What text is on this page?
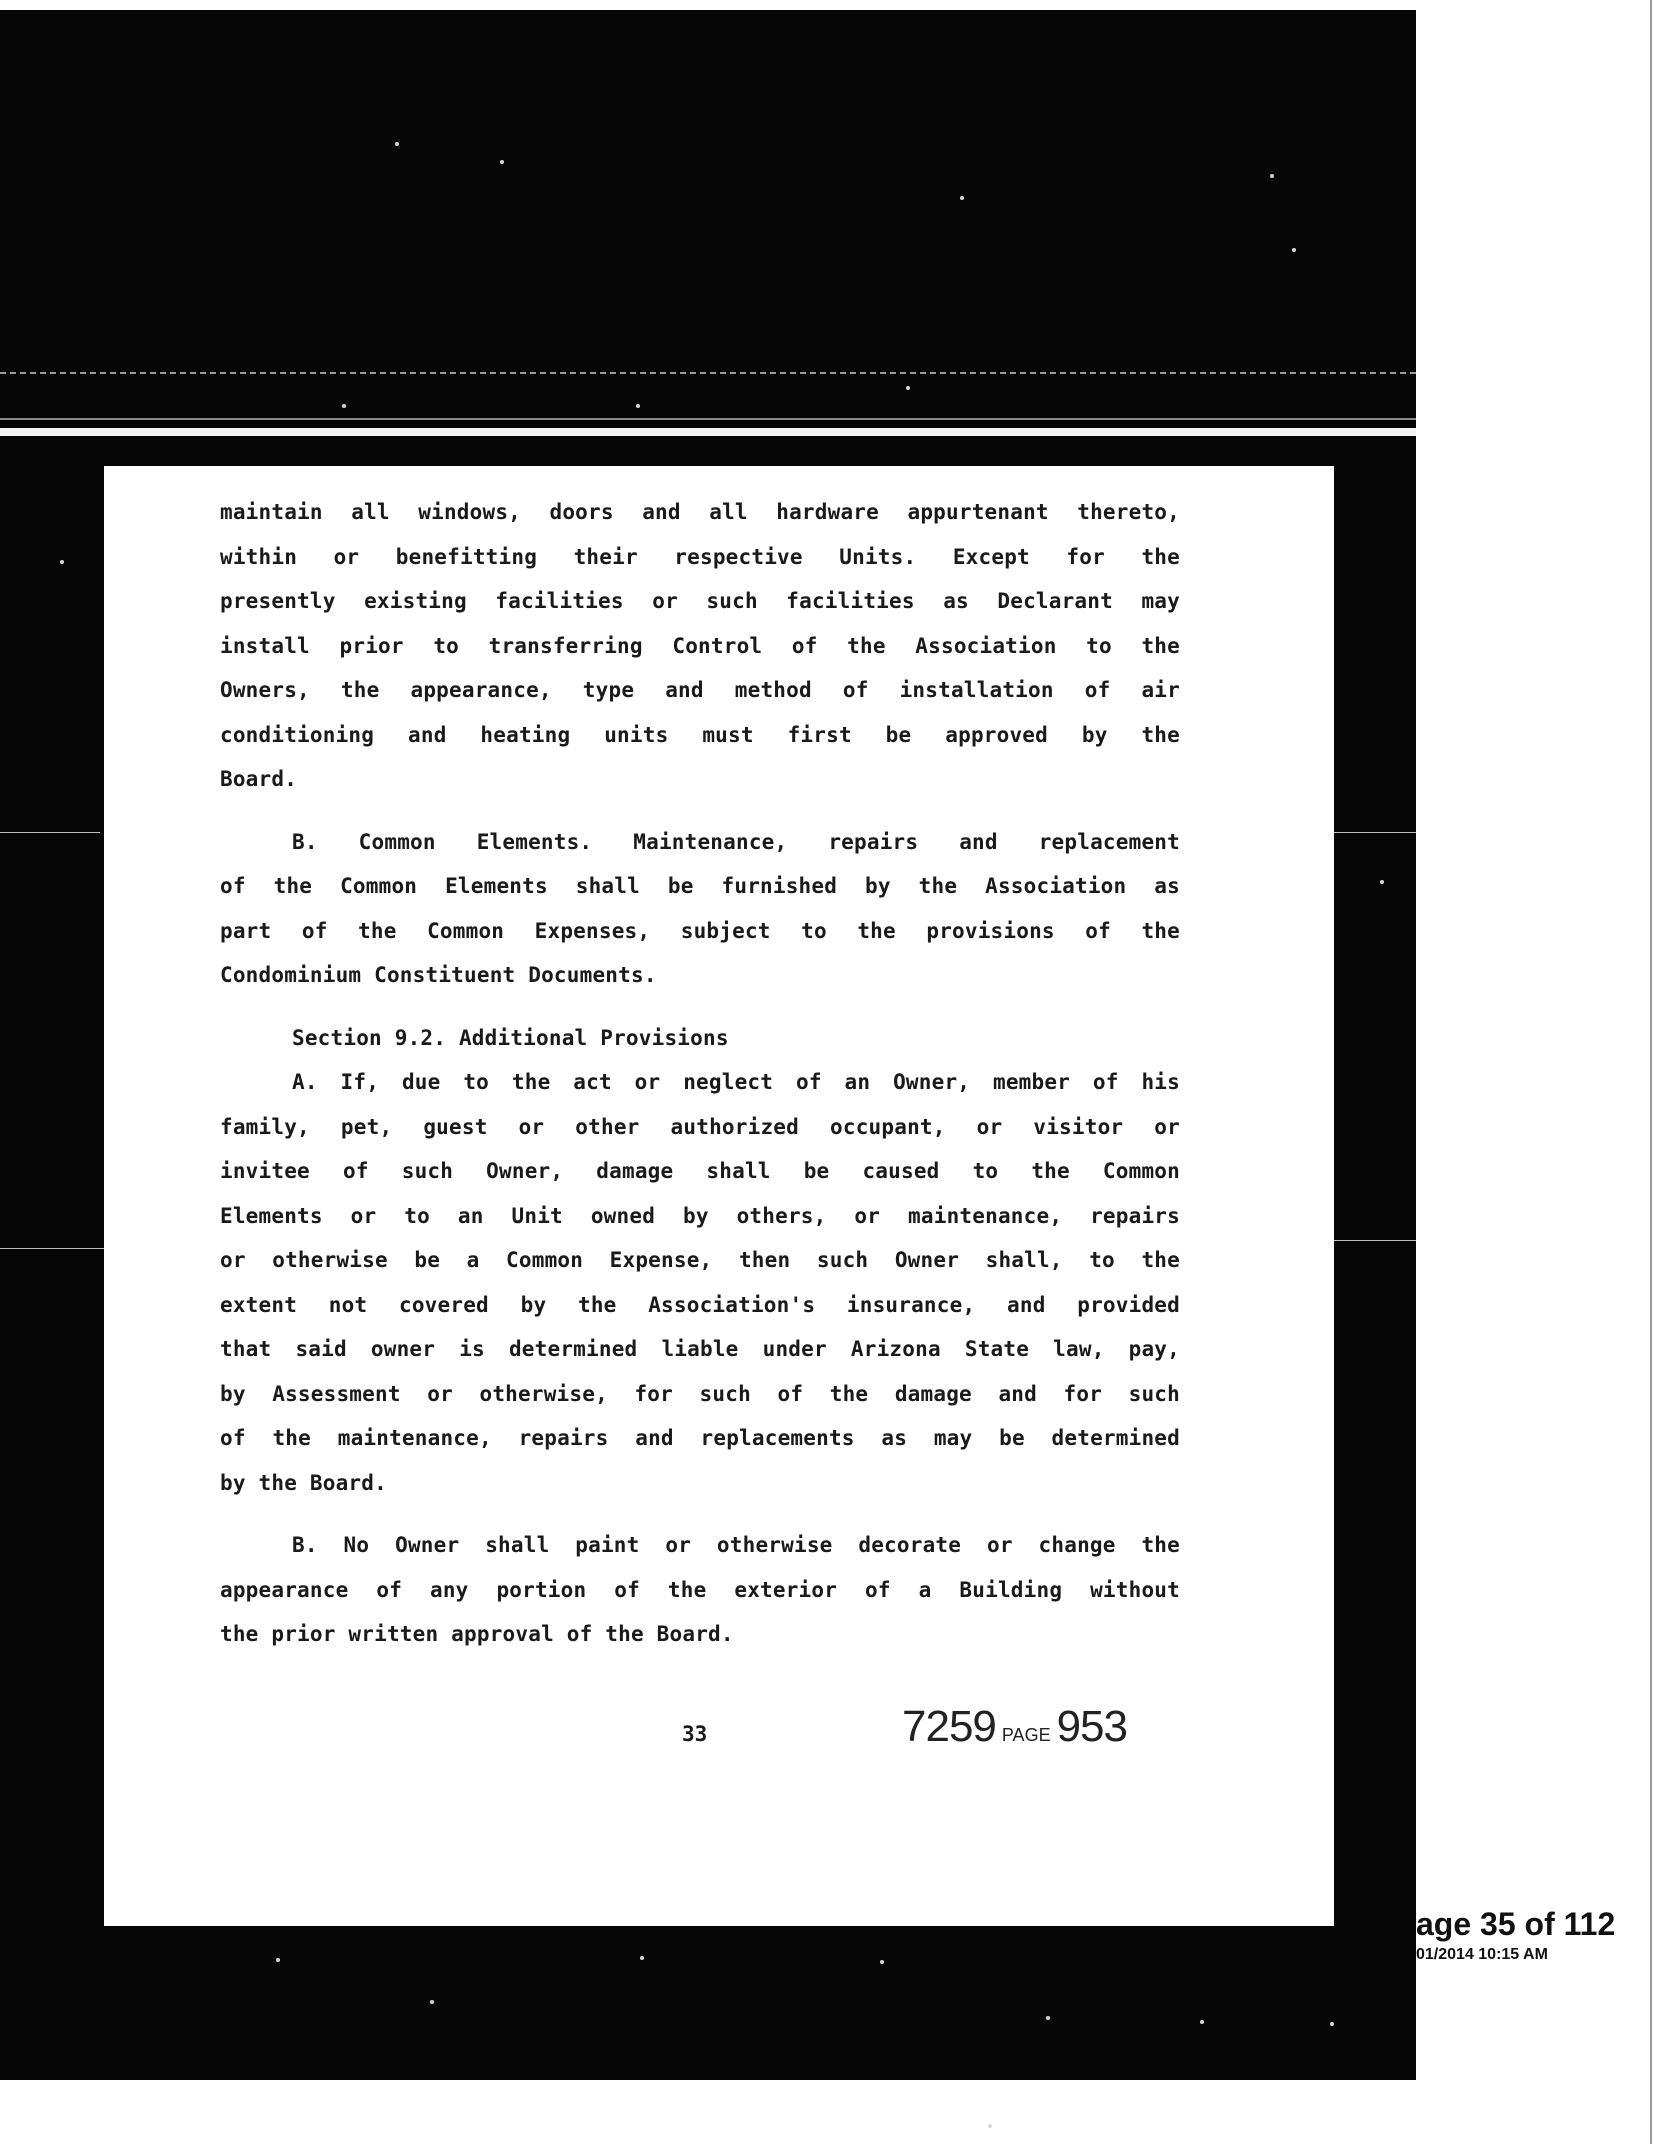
maintain all windows, doors and all hardware appurtenant thereto,
within or benefitting their respective Units. Except for the
presently existing facilities or such facilities as Declarant may
install prior to transferring Control of the Association to the
Owners, the appearance, type and method of installation of air
conditioning and heating units must first be approved by the
Board.
B. Common Elements. Maintenance, repairs and replacement
of the Common Elements shall be furnished by the Association as
part of the Common Expenses, subject to the provisions of the
Condominium Constituent Documents.
Section 9.2. Additional Provisions
A. If, due to the act or neglect of an Owner, member of his
family, pet, guest or other authorized occupant, or visitor or
invitee of such Owner, damage shall be caused to the Common
Elements or to an Unit owned by others, or maintenance, repairs
or otherwise be a Common Expense, then such Owner shall, to the
extent not covered by the Association's insurance, and provided
that said owner is determined liable under Arizona State law, pay,
by Assessment or otherwise, for such of the damage and for such
of the maintenance, repairs and replacements as may be determined
by the Board.
B. No Owner shall paint or otherwise decorate or change the
appearance of any portion of the exterior of a Building without
the prior written approval of the Board.
33	7259 PAGE 953
age 35 of 112
01/2014 10:15 AM
